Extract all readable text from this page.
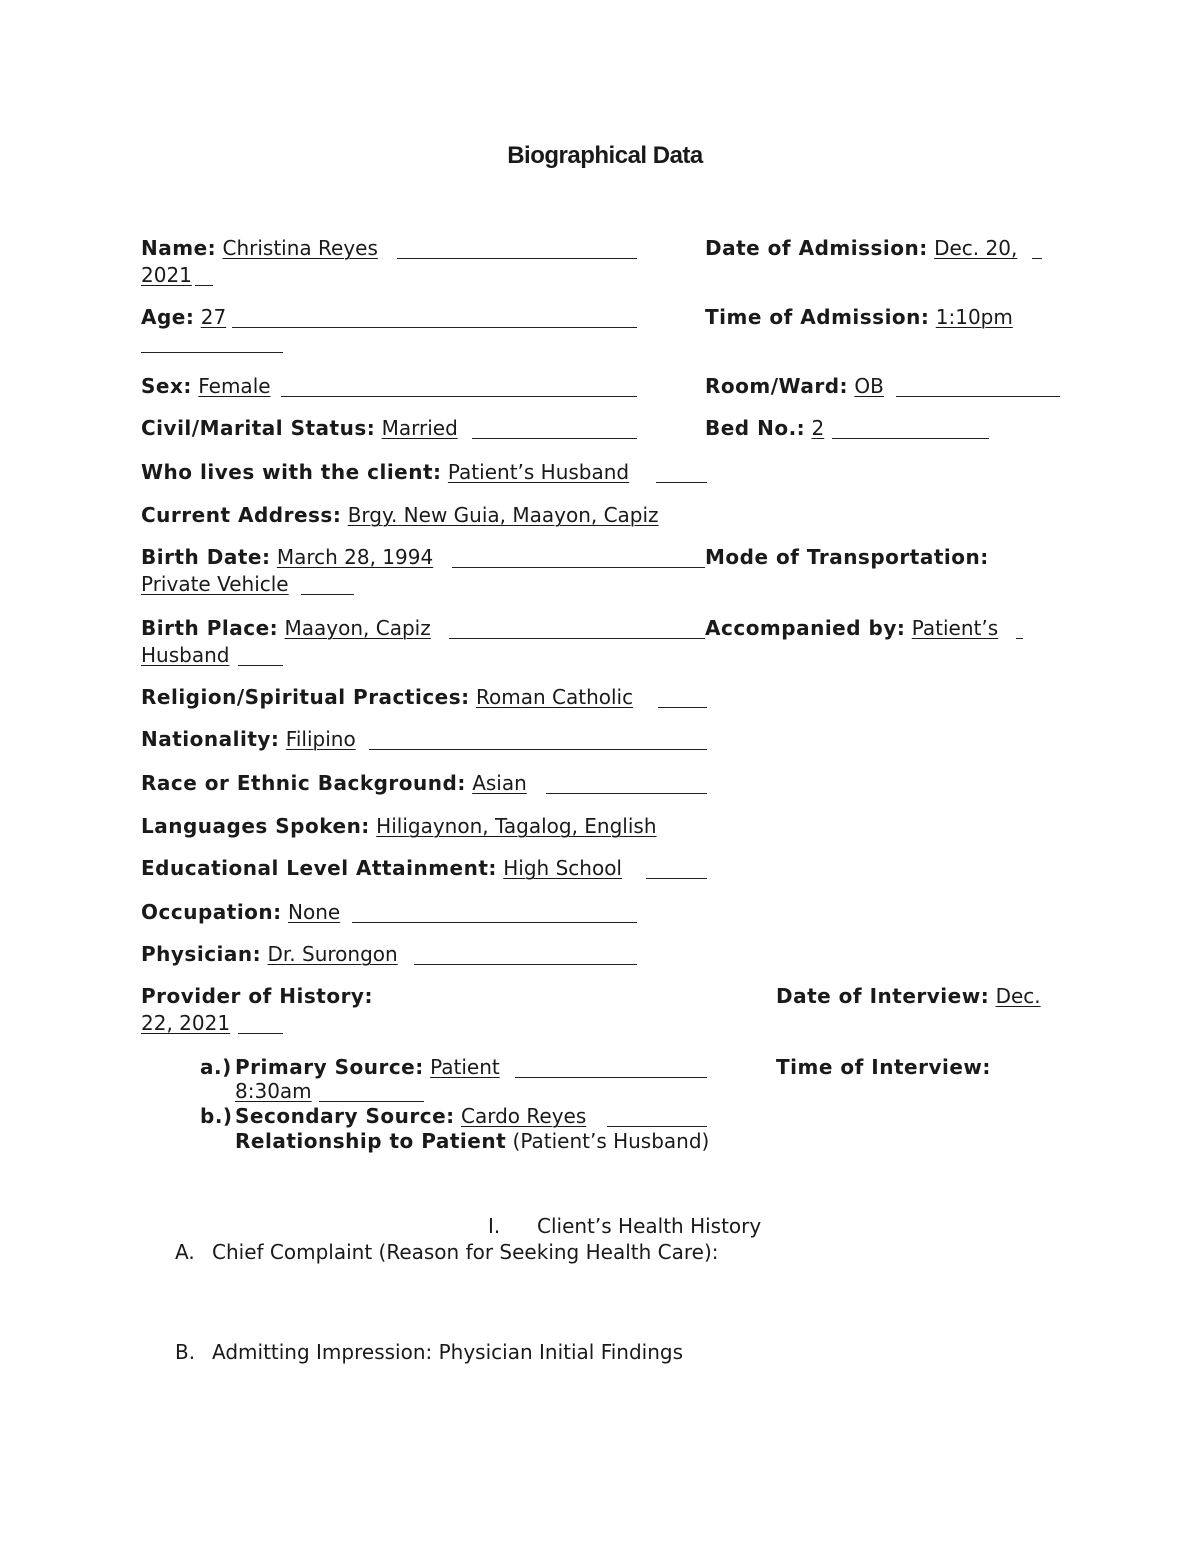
Biographical Data
Name: Christina Reyes	Date of Admission: Dec. 20,
2021
Age: 27	Time of Admission: 1:10pm
Sex: Female	Room/Ward: OB
Civil/Marital Status: Married	Bed No.: 2
Who lives with the client: Patient’s Husband
Current Address: Brgy. New Guia, Maayon, Capiz
Birth Date: March 28, 1994	Mode of Transportation:
Private Vehicle
Birth Place: Maayon, Capiz	Accompanied by: Patient’s
Husband
Religion/Spiritual Practices: Roman Catholic
Nationality: Filipino
Race or Ethnic Background: Asian
Languages Spoken: Hiligaynon, Tagalog, English
Educational Level Attainment: High School
Occupation: None
Physician: Dr. Surongon
Provider of History:	Date of Interview: Dec.
22, 2021
a.) Primary Source: Patient	Time of Interview:
8:30am
b.) Secondary Source: Cardo Reyes
Relationship to Patient (Patient’s Husband)
I. Client’s Health History
A. Chief Complaint (Reason for Seeking Health Care):
B. Admitting Impression: Physician Initial Findings
